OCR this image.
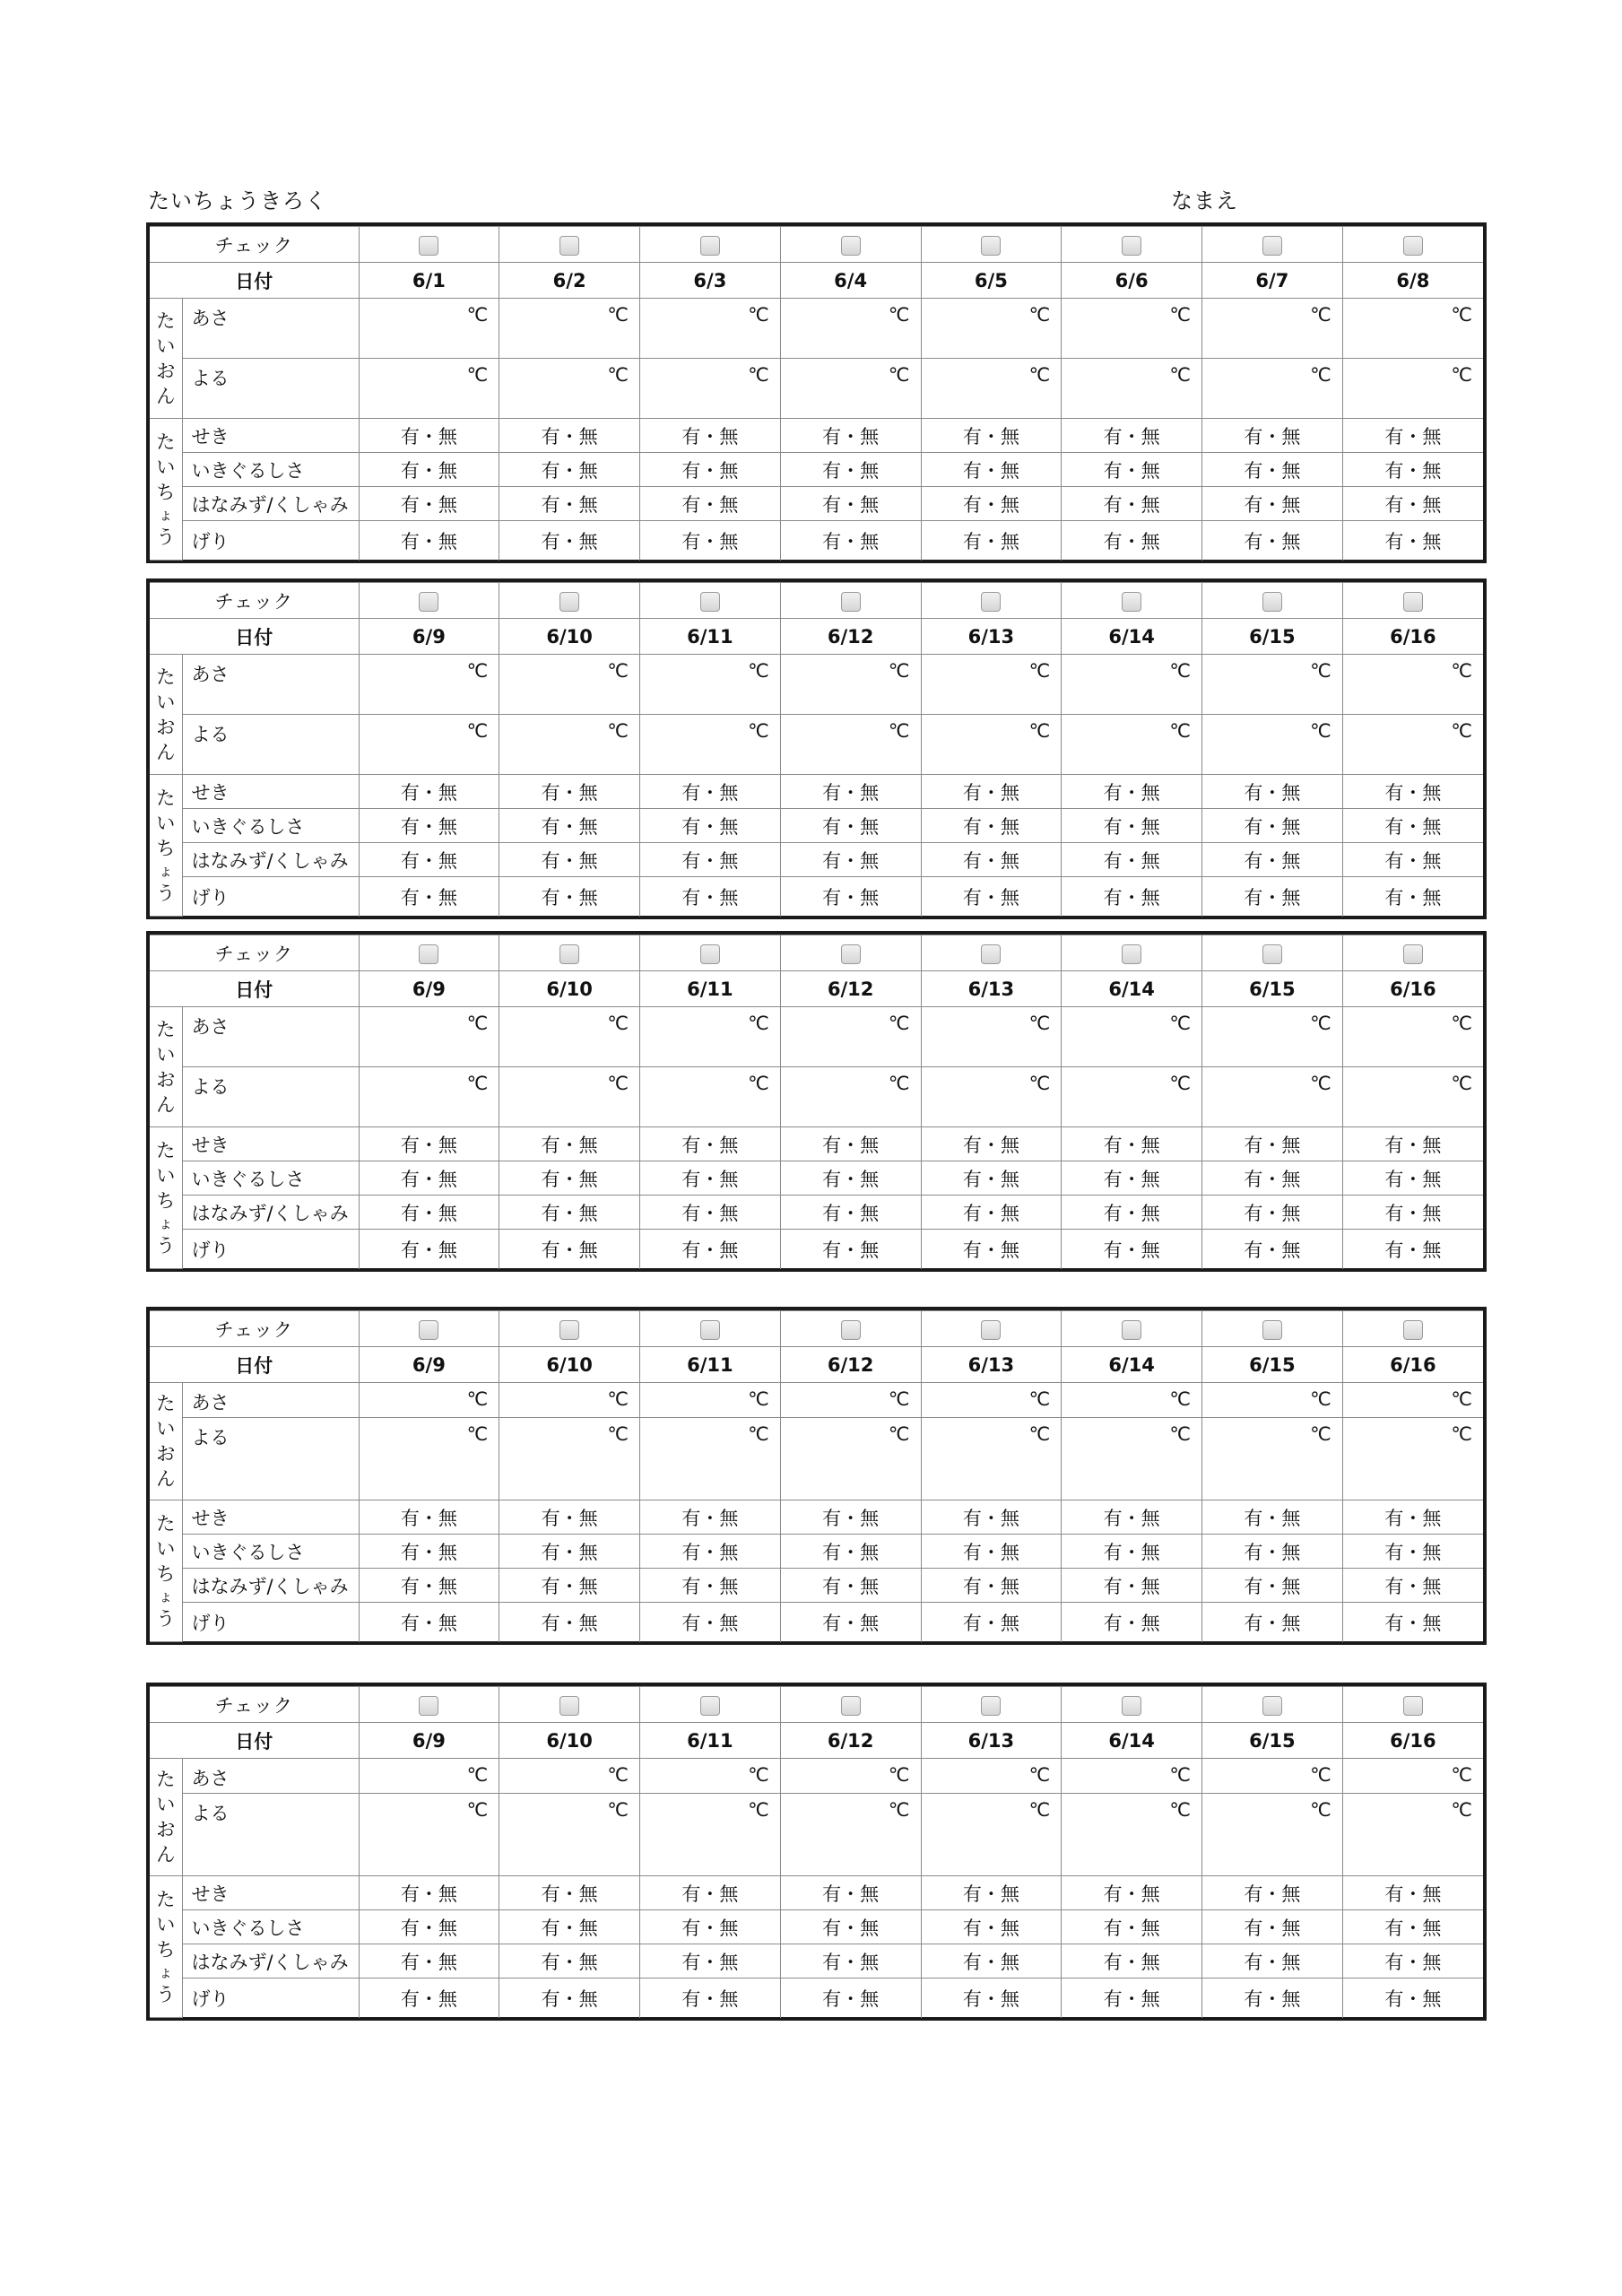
たいちょうきろく	なまえ
チェック									
日付		6/1	6/2	6/3	6/4	6/5	6/6	6/7	6/8

た
い
お
ん	あさ	℃	℃	℃	℃	℃	℃	℃	℃
	よる	℃	℃	℃	℃	℃	℃	℃	℃

た
い
ち
ょ
う	せき	有・無	有・無	有・無	有・無	有・無	有・無	有・無	有・無
	いきぐるしさ	有・無	有・無	有・無	有・無	有・無	有・無	有・無	有・無
	はなみず/くしゃみ	有・無	有・無	有・無	有・無	有・無	有・無	有・無	有・無
	げり	有・無	有・無	有・無	有・無	有・無	有・無	有・無	有・無
チェック									
日付		6/9	6/10	6/11	6/12	6/13	6/14	6/15	6/16

た
い
お
ん	あさ	℃	℃	℃	℃	℃	℃	℃	℃
	よる	℃	℃	℃	℃	℃	℃	℃	℃

た
い
ち
ょ
う	せき	有・無	有・無	有・無	有・無	有・無	有・無	有・無	有・無
	いきぐるしさ	有・無	有・無	有・無	有・無	有・無	有・無	有・無	有・無
	はなみず/くしゃみ	有・無	有・無	有・無	有・無	有・無	有・無	有・無	有・無
	げり	有・無	有・無	有・無	有・無	有・無	有・無	有・無	有・無
チェック									
日付		6/9	6/10	6/11	6/12	6/13	6/14	6/15	6/16

た
い
お
ん	あさ	℃	℃	℃	℃	℃	℃	℃	℃
	よる	℃	℃	℃	℃	℃	℃	℃	℃

た
い
ち
ょ
う	せき	有・無	有・無	有・無	有・無	有・無	有・無	有・無	有・無
	いきぐるしさ	有・無	有・無	有・無	有・無	有・無	有・無	有・無	有・無
	はなみず/くしゃみ	有・無	有・無	有・無	有・無	有・無	有・無	有・無	有・無
	げり	有・無	有・無	有・無	有・無	有・無	有・無	有・無	有・無
チェック									
日付		6/9	6/10	6/11	6/12	6/13	6/14	6/15	6/16

た
い
お
ん	あさ	℃	℃	℃	℃	℃	℃	℃	℃
	よる	℃	℃	℃	℃	℃	℃	℃	℃

た
い
ち
ょ
う	せき	有・無	有・無	有・無	有・無	有・無	有・無	有・無	有・無
	いきぐるしさ	有・無	有・無	有・無	有・無	有・無	有・無	有・無	有・無
	はなみず/くしゃみ	有・無	有・無	有・無	有・無	有・無	有・無	有・無	有・無
	げり	有・無	有・無	有・無	有・無	有・無	有・無	有・無	有・無
チェック									
日付		6/9	6/10	6/11	6/12	6/13	6/14	6/15	6/16

た
い
お
ん	あさ	℃	℃	℃	℃	℃	℃	℃	℃
	よる	℃	℃	℃	℃	℃	℃	℃	℃

た
い
ち
ょ
う	せき	有・無	有・無	有・無	有・無	有・無	有・無	有・無	有・無
	いきぐるしさ	有・無	有・無	有・無	有・無	有・無	有・無	有・無	有・無
	はなみず/くしゃみ	有・無	有・無	有・無	有・無	有・無	有・無	有・無	有・無
	げり	有・無	有・無	有・無	有・無	有・無	有・無	有・無	有・無
